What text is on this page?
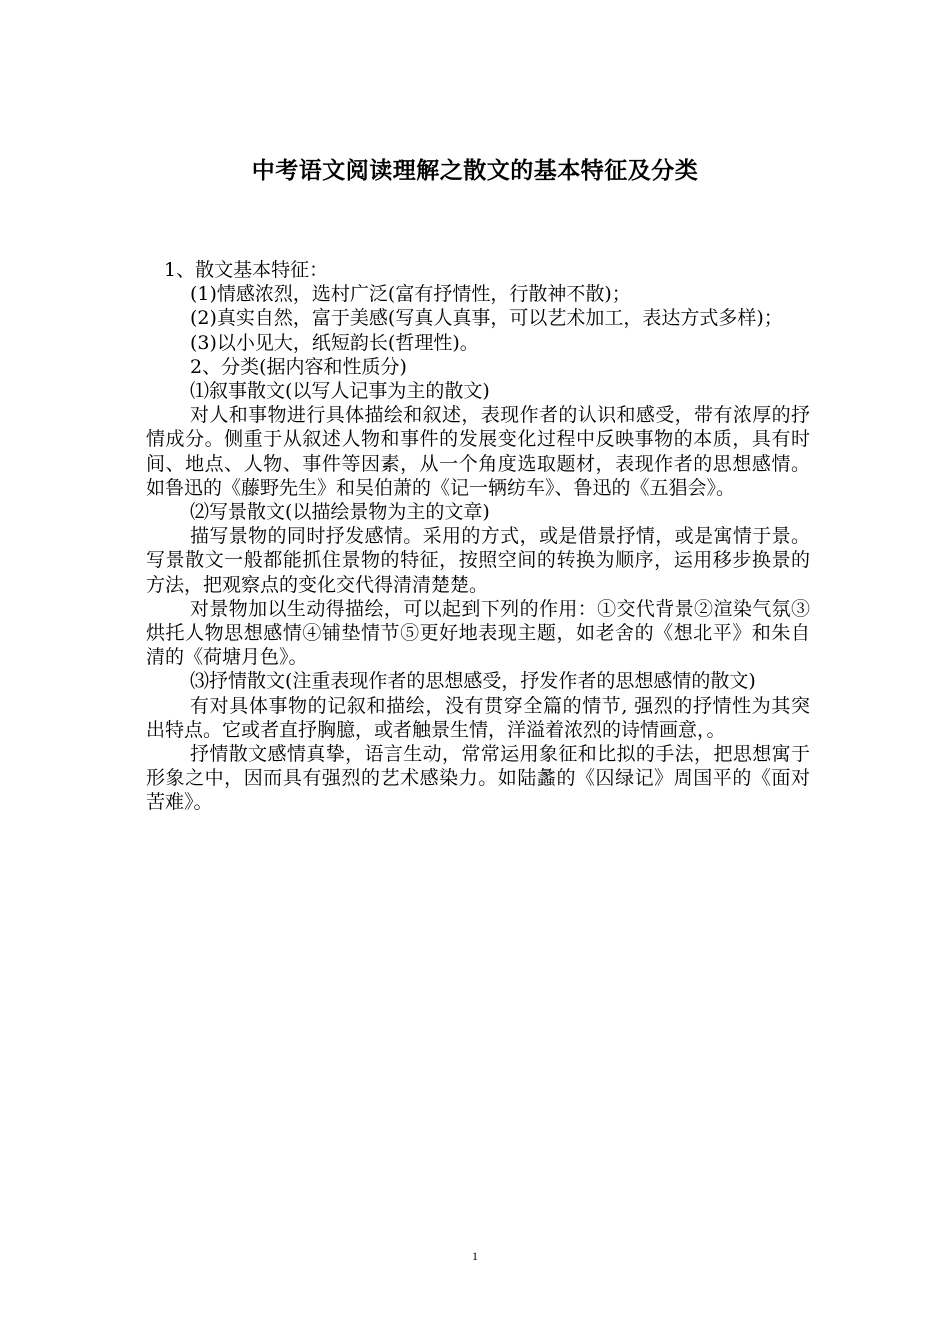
中考语文阅读理解之散文的基本特征及分类

1、散文基本特征：

(1)情感浓烈，选村广泛(富有抒情性，行散神不散)；

(2)真实自然，富于美感(写真人真事，可以艺术加工，表达方式多样)；

(3)以小见大，纸短韵长(哲理性)。

2、分类(据内容和性质分)

⑴叙事散文(以写人记事为主的散文)

对人和事物进行具体描绘和叙述，表现作者的认识和感受，带有浓厚的抒情成分。侧重于从叙述人物和事件的发展变化过程中反映事物的本质，具有时间、地点、人物、事件等因素，从一个角度选取题材，表现作者的思想感情。如鲁迅的《藤野先生》和吴伯萧的《记一辆纺车》、鲁迅的《五猖会》。

⑵写景散文(以描绘景物为主的文章)

描写景物的同时抒发感情。采用的方式，或是借景抒情，或是寓情于景。 写景散文一般都能抓住景物的特征，按照空间的转换为顺序，运用移步换景的方法，把观察点的变化交代得清清楚楚。

对景物加以生动得描绘，可以起到下列的作用：①交代背景②渲染气氛③烘托人物思想感情④铺垫情节⑤更好地表现主题，如老舍的《想北平》和朱自清的《荷塘月色》。

⑶抒情散文(注重表现作者的思想感受，抒发作者的思想感情的散文)

有对具体事物的记叙和描绘，没有贯穿全篇的情节, 强烈的抒情性为其突出特点。它或者直抒胸臆，或者触景生情，洋溢着浓烈的诗情画意，。

抒情散文感情真挚，语言生动，常常运用象征和比拟的手法，把思想寓于形象之中，因而具有强烈的艺术感染力。如陆蠡的《囚绿记》周国平的《面对苦难》。

1
